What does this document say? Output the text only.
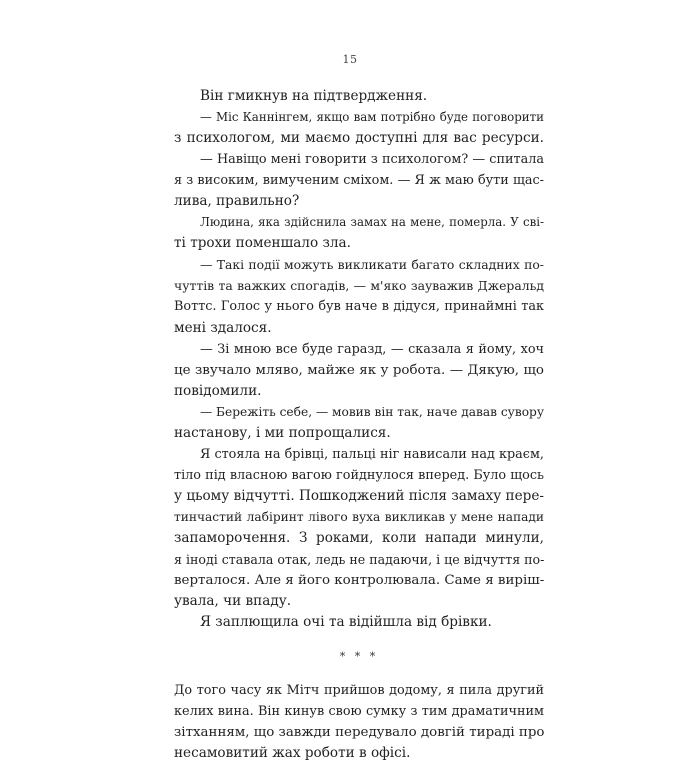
15
Він гмикнув на підтвердження.
— Міс Каннінгем, якщо вам потрібно буде поговорити
з психологом, ми маємо доступні для вас ресурси.
— Навіщо мені говорити з психологом? — спитала
я з високим, вимученим сміхом. — Я ж маю бути щас-
лива, правильно?
Людина, яка здійснила замах на мене, померла. У сві-
ті трохи поменшало зла.
— Такі події можуть викликати багато складних по-
чуттів та важких спогадів, — м'яко зауважив Джеральд
Воттс. Голос у нього був наче в дідуся, принаймні так
мені здалося.
— Зі мною все буде гаразд, — сказала я йому, хоч
це звучало мляво, майже як у робота. — Дякую, що
повідомили.
— Бережіть себе, — мовив він так, наче давав сувору
настанову, і ми попрощалися.
Я стояла на брівці, пальці ніг нависали над краєм,
тіло під власною вагою гойднулося вперед. Було щось
у цьому відчутті. Пошкоджений після замаху пере-
тинчастий лабіринт лівого вуха викликав у мене напади
запаморочення. З роками, коли напади минули,
я іноді ставала отак, ледь не падаючи, і це відчуття по-
верталося. Але я його контролювала. Саме я виріш-
увала, чи впаду.
Я заплющила очі та відійшла від брівки.
* * *
До того часу як Мітч прийшов додому, я пила другий
келих вина. Він кинув свою сумку з тим драматичним
зітханням, що завжди передувало довгій тираді про
несамовитий жах роботи в офісі.
